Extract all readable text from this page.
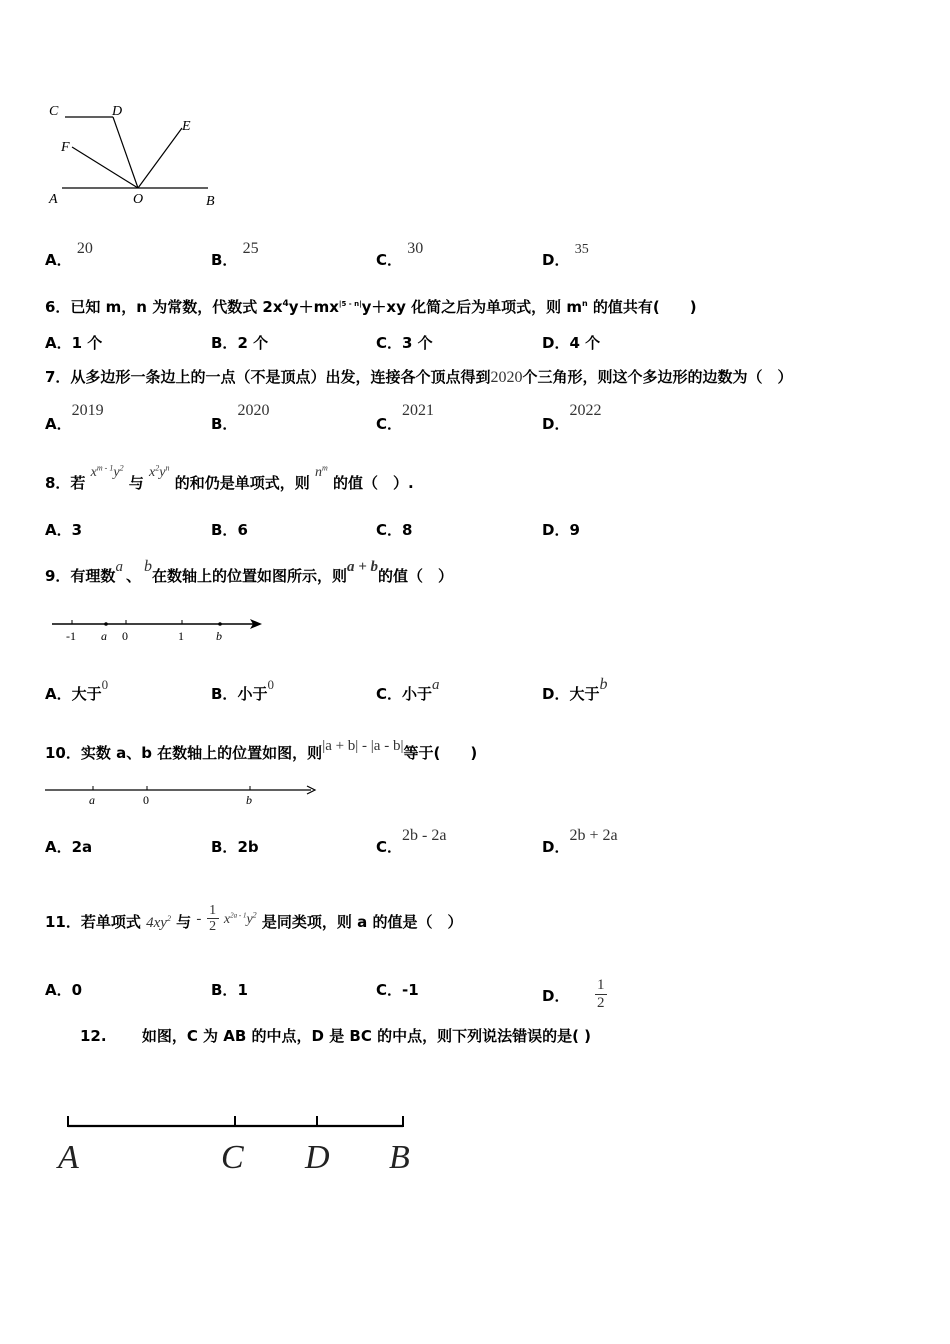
C	D
E
F
A	O	B
A． 20
B． 25
C． 30
D． 35
6．已知 m，n 为常数，代数式 $2x^4y+mx^{|5 - n|}y+xy$ 化简之后为单项式，则 $m^n$ 的值共有(　　)
A．1 个	B．2 个	C．3 个	D．4 个
7．从多边形一条边上的一点（不是顶点）出发，连接各个顶点得到2020个三角形，则这个多边形的边数为（　）
A．2019
B．2020
C．2021
D．2022
8．若 $x^{m - 1}y^2$ 与 $x^2y^n$ 的和仍是单项式，则 $n^m$ 的值（　）.
A．3	B．6	C．8	D．9
9．有理数a 、b在数轴上的位置如图所示，则a + b的值（　）
-1 a 0	1	b
A．大于0
B．小于0
C．小于a	D．大于b
10．实数 a、b 在数轴上的位置如图，则|a + b| - |a - b|等于(　　)
a	0	b
A．2a	B．2b	C．2b - 2a
D．2b + 2a
11．若单项式 $4xy^2$ 与 - $\frac{1}{2} x^{2a - 1}y^2$ 是同类项，则 a 的值是（　）
A．0	B．1	C．-1	D． $\frac{1}{2}$
12. 如图，C 为 AB 的中点，D 是 BC 的中点，则下列说法错误的是( )
A	C D B
